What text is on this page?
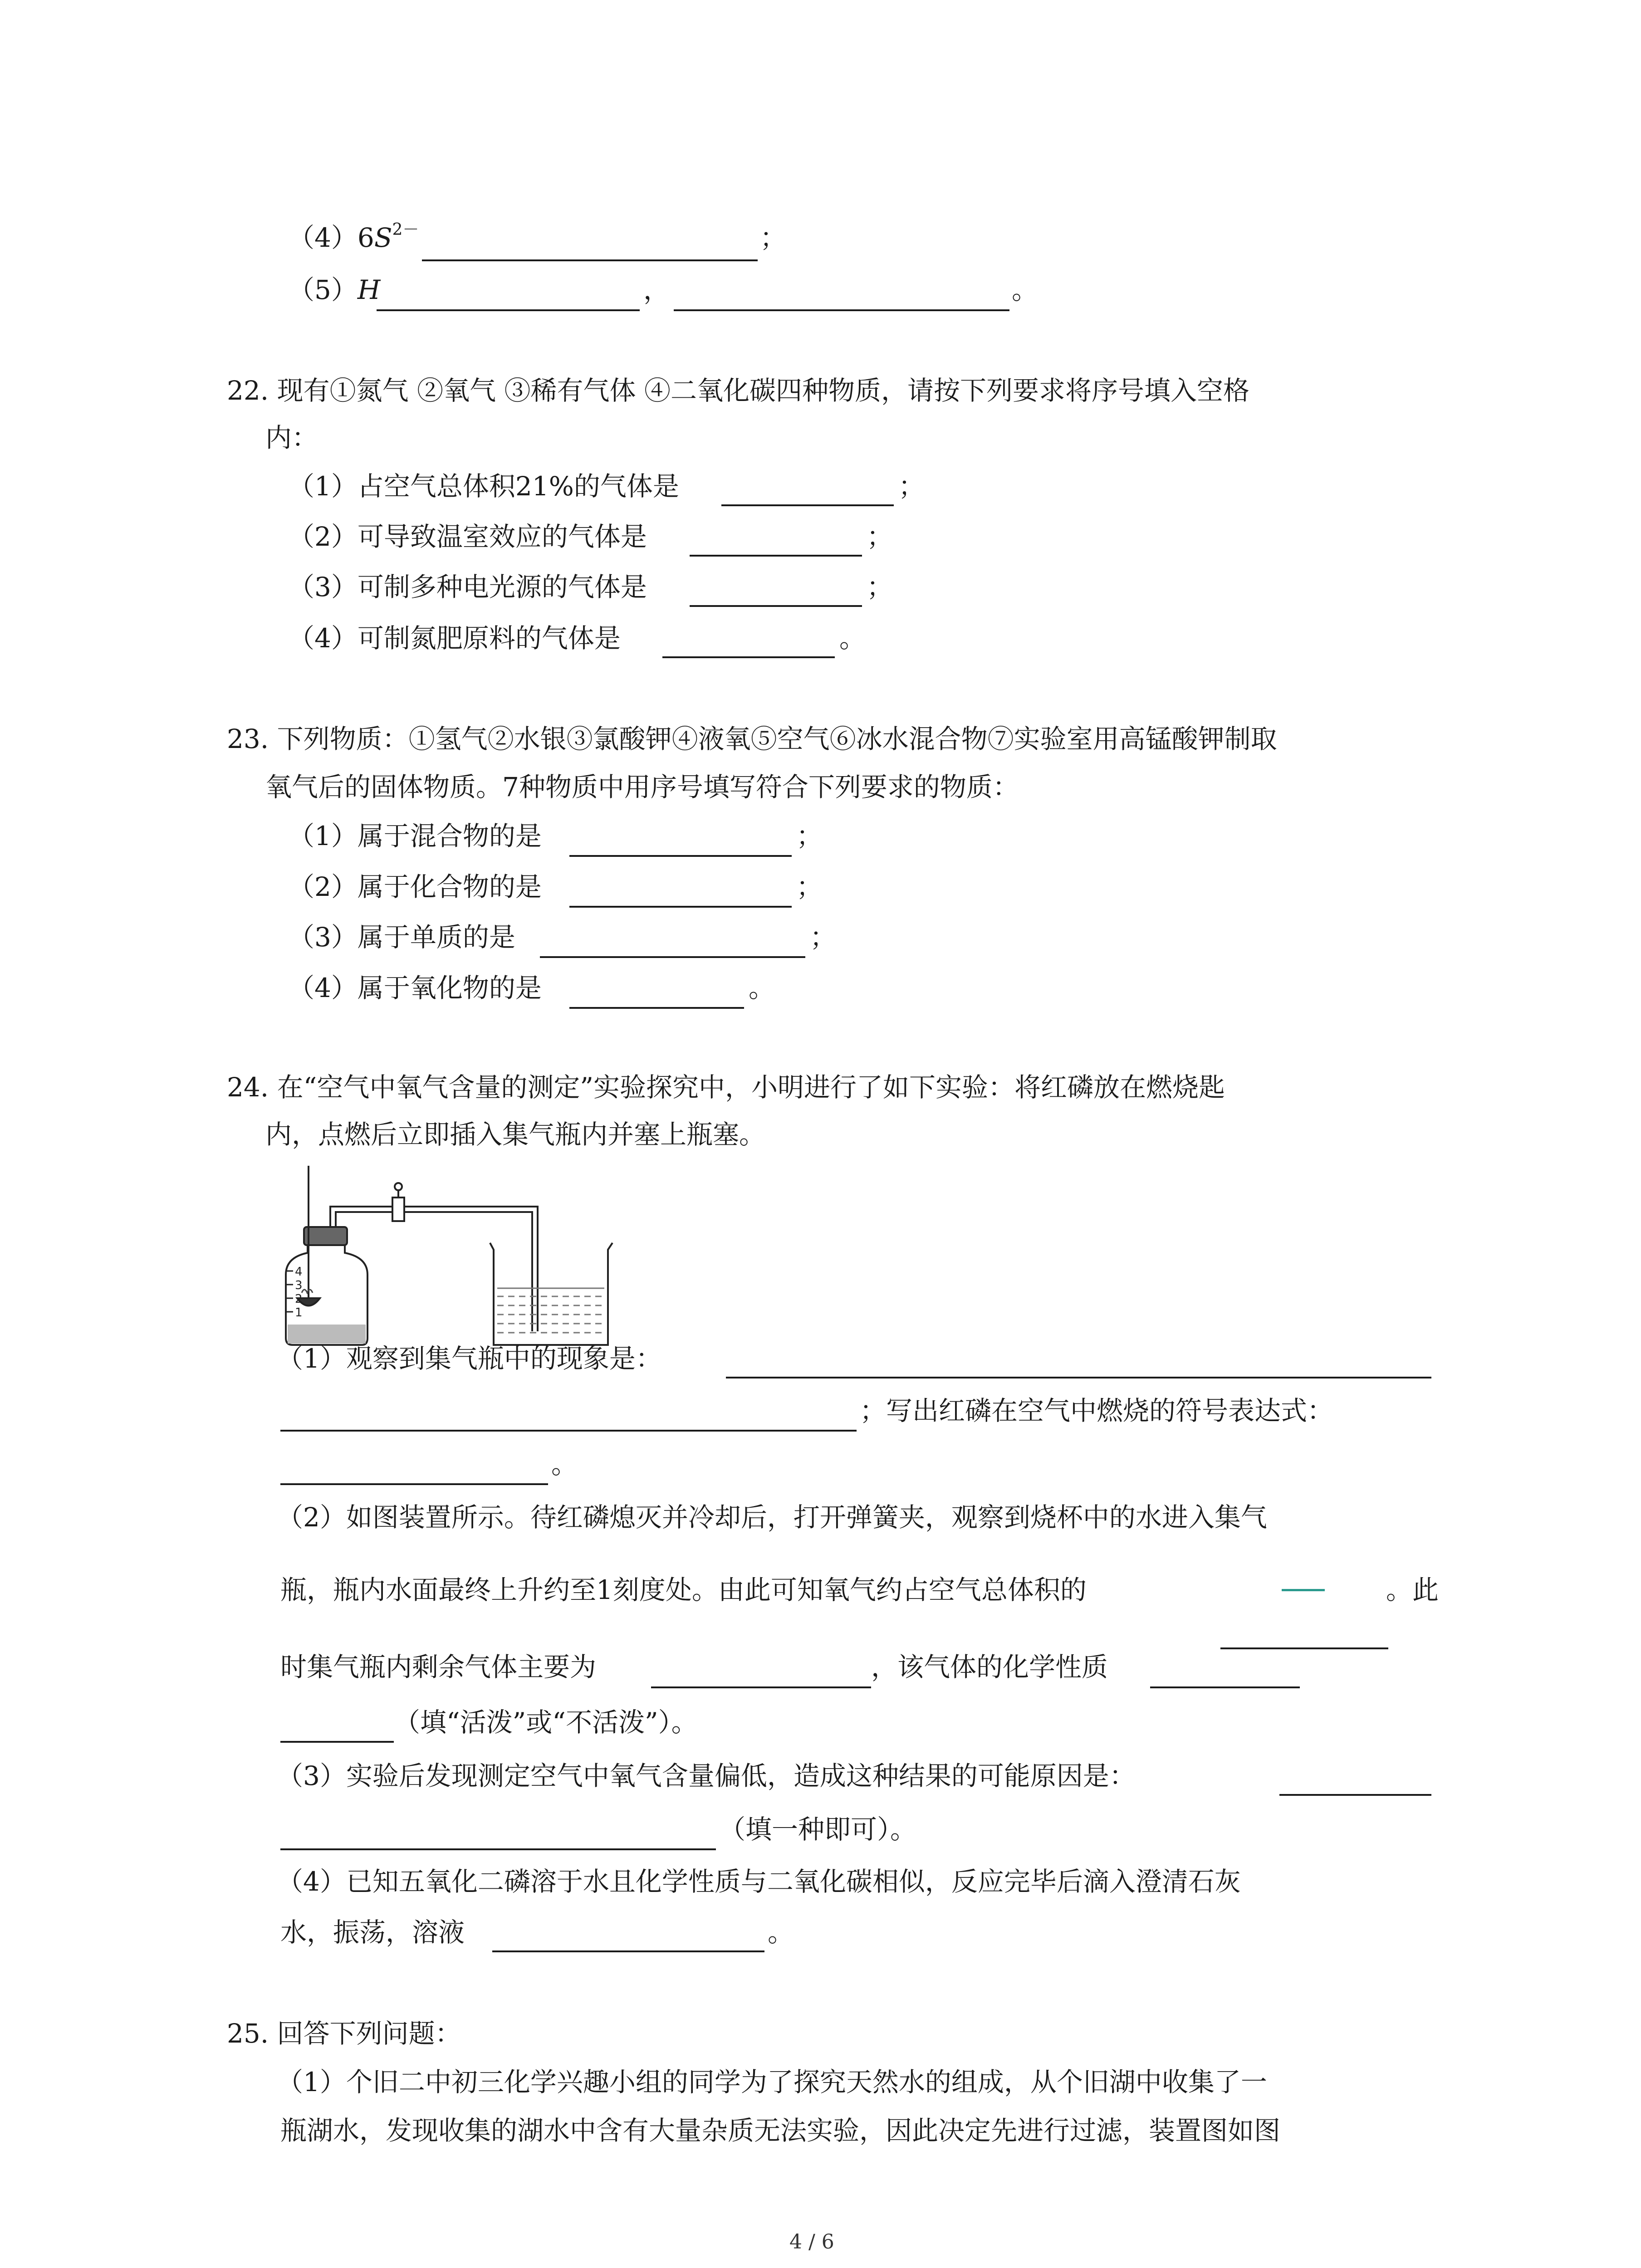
$(4)6S^{2-}$	；
（5）H	，	。
22. 现有①氮气 ②氧气 ③稀有气体 ④二氧化碳四种物质，请按下列要求将序号填入空格
内：
（1）占空气总体积21%的气体是	；
（2）可导致温室效应的气体是	；
（3）可制多种电光源的气体是	；
（4）可制氮肥原料的气体是	。
23. 下列物质：①氢气②水银③氯酸钾④液氧⑤空气⑥冰水混合物⑦实验室用高锰酸钾制取
氧气后的固体物质。7种物质中用序号填写符合下列要求的物质：
（1）属于混合物的是	；
（2）属于化合物的是	；
（3）属于单质的是	；
（4）属于氧化物的是	。
24. 在“空气中氧气含量的测定”实验探究中，小明进行了如下实验：将红磷放在燃烧匙
内，点燃后立即插入集气瓶内并塞上瓶塞。
4
3
2
1
（1）观察到集气瓶中的现象是：
；写出红磷在空气中燃烧的符号表达式：
。
（2）如图装置所示。待红磷熄灭并冷却后，打开弹簧夹，观察到烧杯中的水进入集气
瓶，瓶内水面最终上升约至1刻度处。由此可知氧气约占空气总体积的	。此
时集气瓶内剩余气体主要为	，该气体的化学性质
（填“活泼”或“不活泼”）。
（3）实验后发现测定空气中氧气含量偏低，造成这种结果的可能原因是：
（填一种即可）。
（4）已知五氧化二磷溶于水且化学性质与二氧化碳相似，反应完毕后滴入澄清石灰
水，振荡，溶液	。
25. 回答下列问题：
（1）个旧二中初三化学兴趣小组的同学为了探究天然水的组成，从个旧湖中收集了一
瓶湖水，发现收集的湖水中含有大量杂质无法实验，因此决定先进行过滤，装置图如图
4 / 6
